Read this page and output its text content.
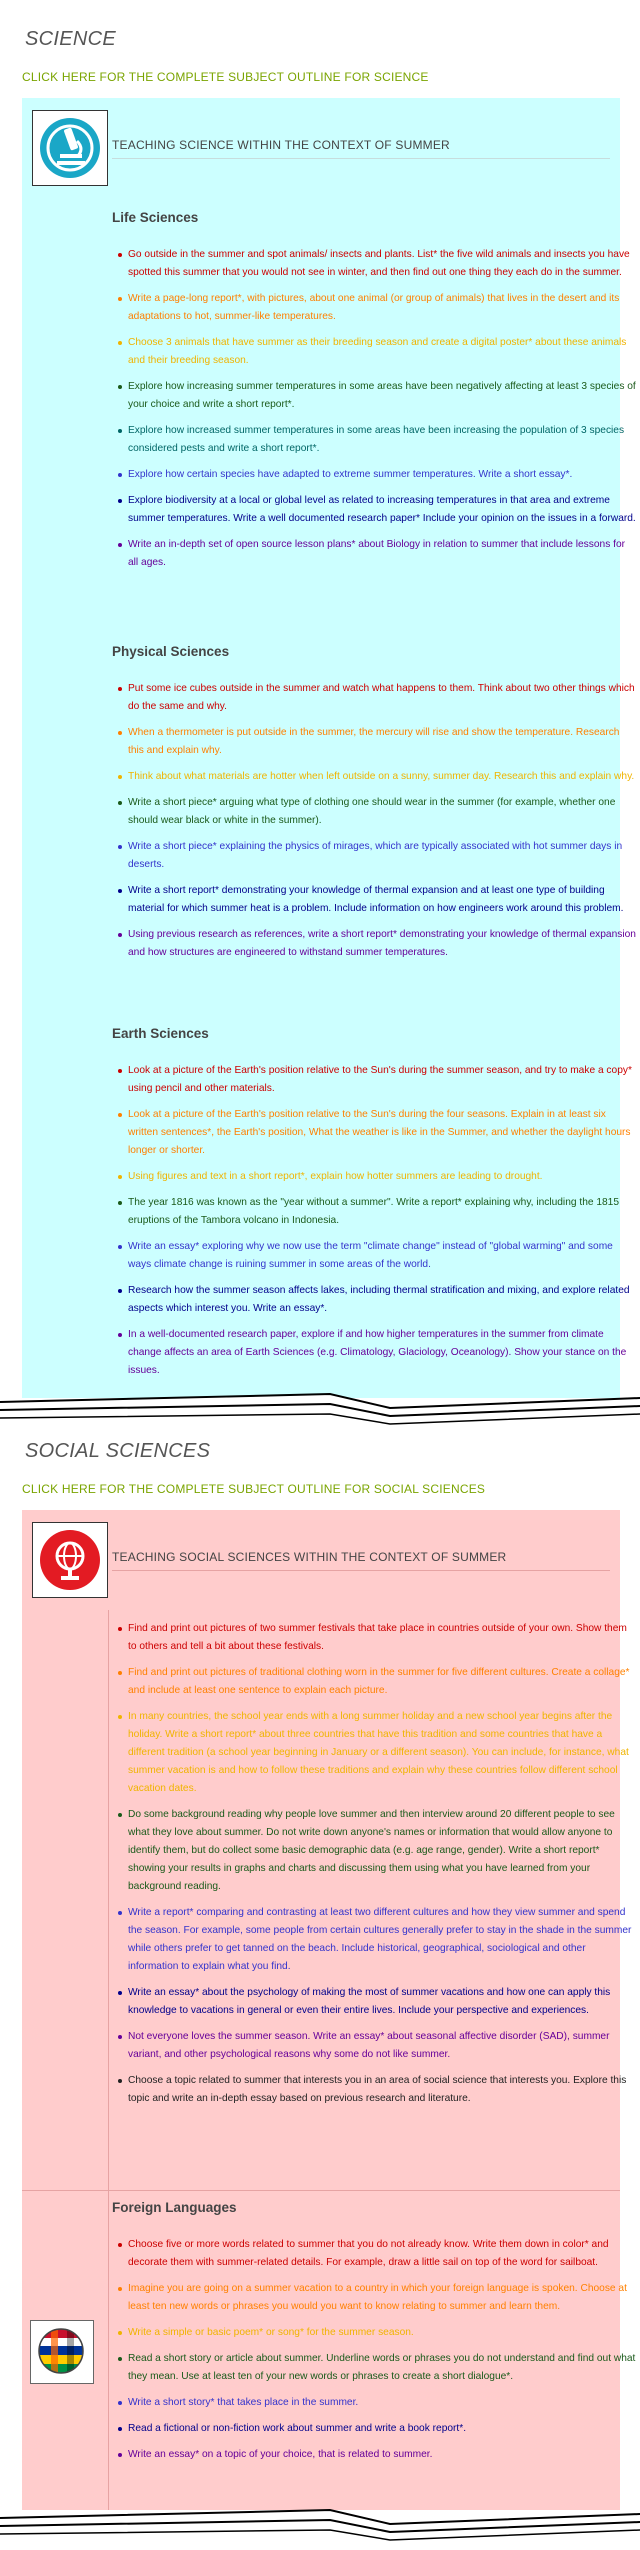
SCIENCE
CLICK HERE FOR THE COMPLETE SUBJECT OUTLINE FOR SCIENCE
TEACHING SCIENCE WITHIN THE CONTEXT OF SUMMER
Life Sciences
Go outside in the summer and spot animals/ insects and plants. List* the five wild animals and insects you have spotted this summer that you would not see in winter, and then find out one thing they each do in the summer.
Write a page-long report*, with pictures, about one animal (or group of animals) that lives in the desert and its adaptations to hot, summer-like temperatures.
Choose 3 animals that have summer as their breeding season and create a digital poster* about these animals and their breeding season.
Explore how increasing summer temperatures in some areas have been negatively affecting at least 3 species of your choice and write a short report*.
Explore how increased summer temperatures in some areas have been increasing the population of 3 species considered pests and write a short report*.
Explore how certain species have adapted to extreme summer temperatures. Write a short essay*.
Explore biodiversity at a local or global level as related to increasing temperatures in that area and extreme summer temperatures. Write a well documented research paper* Include your opinion on the issues in a forward.
Write an in-depth set of open source lesson plans* about Biology in relation to summer that include lessons for all ages.
Physical Sciences
Put some ice cubes outside in the summer and watch what happens to them. Think about two other things which do the same and why.
When a thermometer is put outside in the summer, the mercury will rise and show the temperature. Research this and explain why.
Think about what materials are hotter when left outside on a sunny, summer day. Research this and explain why.
Write a short piece* arguing what type of clothing one should wear in the summer (for example, whether one should wear black or white in the summer).
Write a short piece* explaining the physics of mirages, which are typically associated with hot summer days in deserts.
Write a short report* demonstrating your knowledge of thermal expansion and at least one type of building material for which summer heat is a problem. Include information on how engineers work around this problem.
Using previous research as references, write a short report* demonstrating your knowledge of thermal expansion and how structures are engineered to withstand summer temperatures.
Earth Sciences
Look at a picture of the Earth's position relative to the Sun's during the summer season, and try to make a copy* using pencil and other materials.
Look at a picture of the Earth's position relative to the Sun's during the four seasons. Explain in at least six written sentences*, the Earth's position, What the weather is like in the Summer, and whether the daylight hours longer or shorter.
Using figures and text in a short report*, explain how hotter summers are leading to drought.
The year 1816 was known as the "year without a summer". Write a report* explaining why, including the 1815 eruptions of the Tambora volcano in Indonesia.
Write an essay* exploring why we now use the term "climate change" instead of "global warming" and some ways climate change is ruining summer in some areas of the world.
Research how the summer season affects lakes, including thermal stratification and mixing, and explore related aspects which interest you. Write an essay*.
In a well-documented research paper, explore if and how higher temperatures in the summer from climate change affects an area of Earth Sciences (e.g. Climatology, Glaciology, Oceanology). Show your stance on the issues.
SOCIAL SCIENCES
CLICK HERE FOR THE COMPLETE SUBJECT OUTLINE FOR SOCIAL SCIENCES
TEACHING SOCIAL SCIENCES WITHIN THE CONTEXT OF SUMMER
Find and print out pictures of two summer festivals that take place in countries outside of your own. Show them to others and tell a bit about these festivals.
Find and print out pictures of traditional clothing worn in the summer for five different cultures. Create a collage* and include at least one sentence to explain each picture.
In many countries, the school year ends with a long summer holiday and a new school year begins after the holiday. Write a short report* about three countries that have this tradition and some countries that have a different tradition (a school year beginning in January or a different season). You can include, for instance, what summer vacation is and how to follow these traditions and explain why these countries follow different school vacation dates.
Do some background reading why people love summer and then interview around 20 different people to see what they love about summer. Do not write down anyone's names or information that would allow anyone to identify them, but do collect some basic demographic data (e.g. age range, gender). Write a short report* showing your results in graphs and charts and discussing them using what you have learned from your background reading.
Write a report* comparing and contrasting at least two different cultures and how they view summer and spend the season. For example, some people from certain cultures generally prefer to stay in the shade in the summer while others prefer to get tanned on the beach. Include historical, geographical, sociological and other information to explain what you find.
Write an essay* about the psychology of making the most of summer vacations and how one can apply this knowledge to vacations in general or even their entire lives. Include your perspective and experiences.
Not everyone loves the summer season. Write an essay* about seasonal affective disorder (SAD), summer variant, and other psychological reasons why some do not like summer.
Choose a topic related to summer that interests you in an area of social science that interests you. Explore this topic and write an in-depth essay based on previous research and literature.
Foreign Languages
Choose five or more words related to summer that you do not already know. Write them down in color* and decorate them with summer-related details. For example, draw a little sail on top of the word for sailboat.
Imagine you are going on a summer vacation to a country in which your foreign language is spoken. Choose at least ten new words or phrases you would you want to know relating to summer and learn them.
Write a simple or basic poem* or song* for the summer season.
Read a short story or article about summer. Underline words or phrases you do not understand and find out what they mean. Use at least ten of your new words or phrases to create a short dialogue*.
Write a short story* that takes place in the summer.
Read a fictional or non-fiction work about summer and write a book report*.
Write an essay* on a topic of your choice, that is related to summer.
